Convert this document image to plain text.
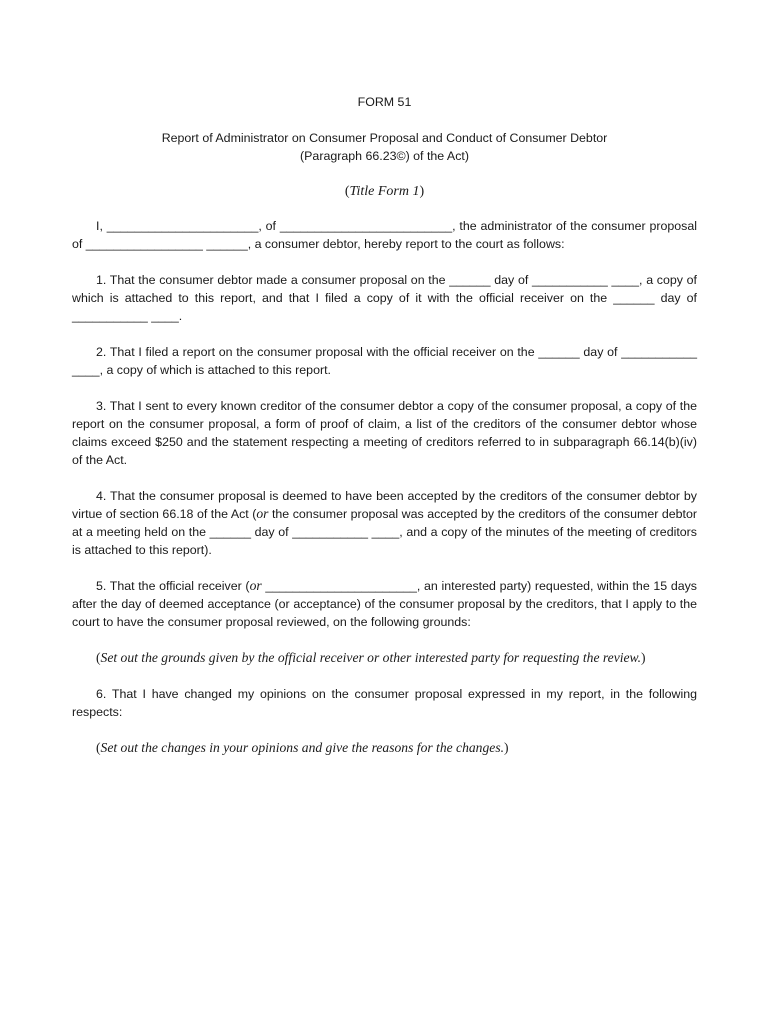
FORM 51
Report of Administrator on Consumer Proposal and Conduct of Consumer Debtor
(Paragraph 66.23©) of the Act)
(Title Form 1)

I, ______________________, of _________________________, the administrator of the consumer proposal of _________________ ______, a consumer debtor, hereby report to the court as follows:

1. That the consumer debtor made a consumer proposal on the ______ day of ___________ ____, a copy of which is attached to this report, and that I filed a copy of it with the official receiver on the ______ day of ___________ ____.

2. That I filed a report on the consumer proposal with the official receiver on the ______ day of ___________ ____, a copy of which is attached to this report.

3. That I sent to every known creditor of the consumer debtor a copy of the consumer proposal, a copy of the report on the consumer proposal, a form of proof of claim, a list of the creditors of the consumer debtor whose claims exceed $250 and the statement respecting a meeting of creditors referred to in subparagraph 66.14(b)(iv) of the Act.

4. That the consumer proposal is deemed to have been accepted by the creditors of the consumer debtor by virtue of section 66.18 of the Act (or the consumer proposal was accepted by the creditors of the consumer debtor at a meeting held on the ______ day of ___________ ____, and a copy of the minutes of the meeting of creditors is attached to this report).

5. That the official receiver (or ______________________, an interested party) requested, within the 15 days after the day of deemed acceptance (or acceptance) of the consumer proposal by the creditors, that I apply to the court to have the consumer proposal reviewed, on the following grounds:

(Set out the grounds given by the official receiver or other interested party for requesting the review.)

6. That I have changed my opinions on the consumer proposal expressed in my report, in the following respects:

(Set out the changes in your opinions and give the reasons for the changes.)
